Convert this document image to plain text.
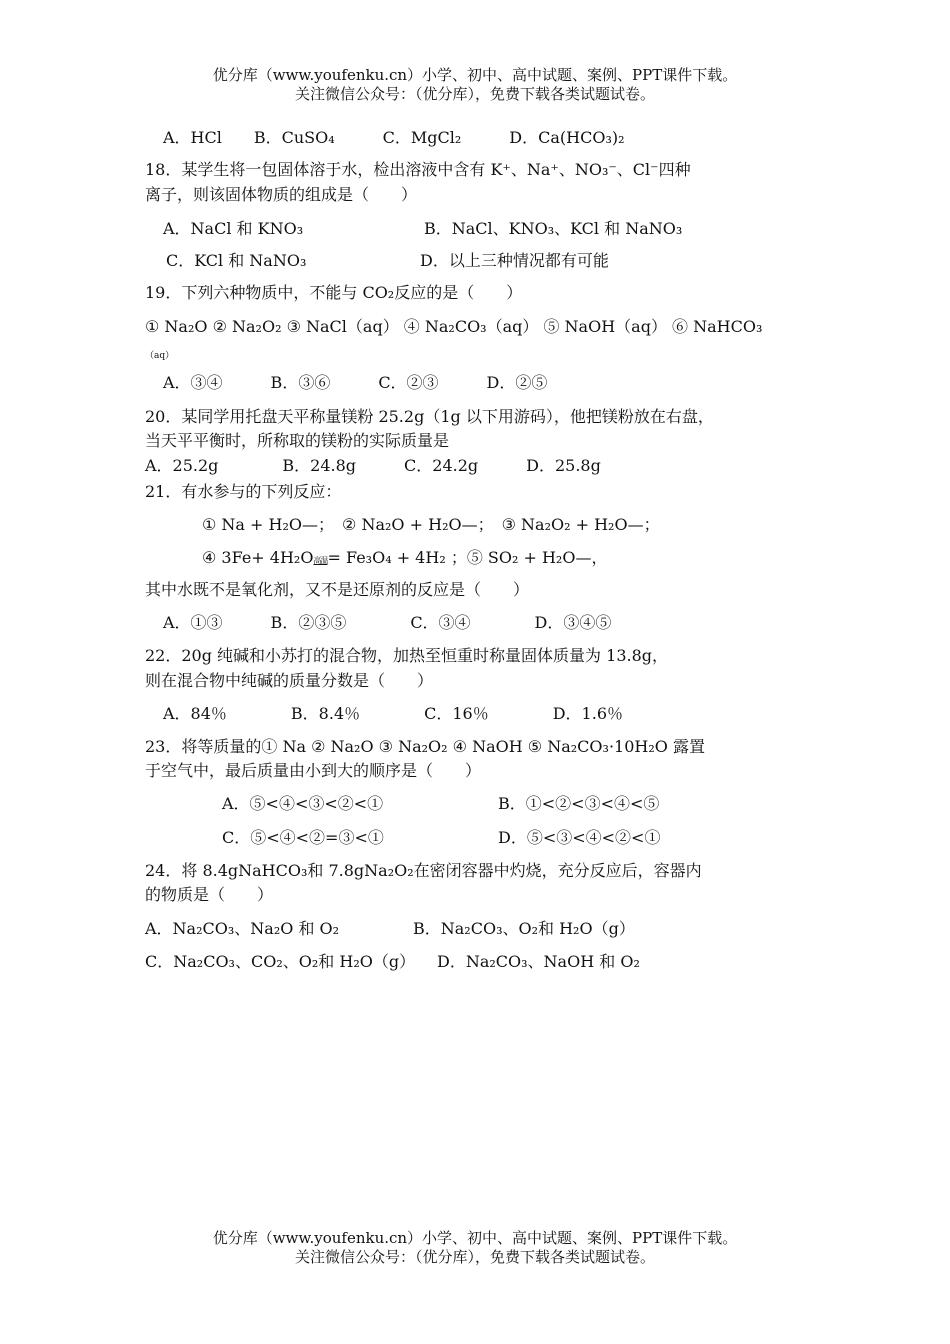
优分库（www.youfenku.cn）小学、初中、高中试题、案例、PPT课件下载。
关注微信公众号：（优分库），免费下载各类试题试卷。
A．HCl　　B．CuSO₄　　　C．MgCl₂　　　D．Ca(HCO₃)₂
18．某学生将一包固体溶于水，检出溶液中含有 K⁺、Na⁺、NO₃⁻、Cl⁻四种
离子，则该固体物质的组成是（　　）
A．NaCl 和 KNO₃	B．NaCl、KNO₃、KCl 和 NaNO₃
C．KCl 和 NaNO₃	D．以上三种情况都有可能
19．下列六种物质中，不能与 CO₂反应的是（　　）
① Na₂O ② Na₂O₂ ③ NaCl（aq） ④ Na₂CO₃（aq） ⑤ NaOH（aq） ⑥ NaHCO₃
（aq）
A．③④　　　B．③⑥　　　C．②③　　　D．②⑤
20．某同学用托盘天平称量镁粉 25.2g（1g 以下用游码），他把镁粉放在右盘，
当天平平衡时，所称取的镁粉的实际质量是
A．25.2g　　　　B．24.8g　　　C．24.2g　　　D．25.8g
21．有水参与的下列反应：
① Na + H₂O—；　② Na₂O + H₂O—；　③ Na₂O₂ + H₂O—；
④ 3Fe+ 4H₂O高温= Fe₃O₄ + 4H₂ ；⑤ SO₂ + H₂O—，
其中水既不是氧化剂，又不是还原剂的反应是（　　）
A．①③　　　B．②③⑤　　　　C．③④　　　　D．③④⑤
22．20g 纯碱和小苏打的混合物，加热至恒重时称量固体质量为 13.8g，
则在混合物中纯碱的质量分数是（　　）
A．84％　　　　B．8.4％　　　　C．16％　　　　D．1.6％
23．将等质量的① Na ② Na₂O ③ Na₂O₂ ④ NaOH ⑤ Na₂CO₃·10H₂O 露置
于空气中，最后质量由小到大的顺序是（　　）
A．⑤<④<③<②<①	B．①<②<③<④<⑤
C．⑤<④<②=③<①	D．⑤<③<④<②<①
24．将 8.4gNaHCO₃和 7.8gNa₂O₂在密闭容器中灼烧，充分反应后，容器内
的物质是（　　）
A．Na₂CO₃、Na₂O 和 O₂	B．Na₂CO₃、O₂和 H₂O（g）
C．Na₂CO₃、CO₂、O₂和 H₂O（g） D．Na₂CO₃、NaOH 和 O₂
优分库（www.youfenku.cn）小学、初中、高中试题、案例、PPT课件下载。
关注微信公众号：（优分库），免费下载各类试题试卷。
